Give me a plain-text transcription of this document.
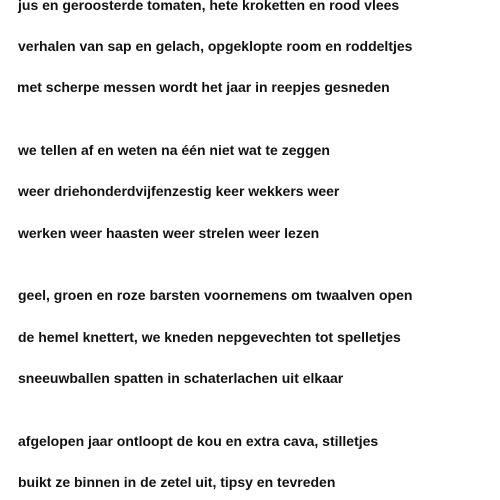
jus en geroosterde tomaten, hete kroketten en rood vlees
verhalen van sap en gelach, opgeklopte room en roddeltjes
met scherpe messen wordt het jaar in reepjes gesneden
we tellen af en weten na één niet wat te zeggen
weer driehonderdvijfenzestig keer wekkers weer
werken weer haasten weer strelen weer lezen
geel, groen en roze barsten voornemens om twaalven open
de hemel knettert, we kneden nepgevechten tot spelletjes
sneeuwballen spatten in schaterlachen uit elkaar
afgelopen jaar ontloopt de kou en extra cava, stilletjes
buikt ze binnen in de zetel uit, tipsy en tevreden
